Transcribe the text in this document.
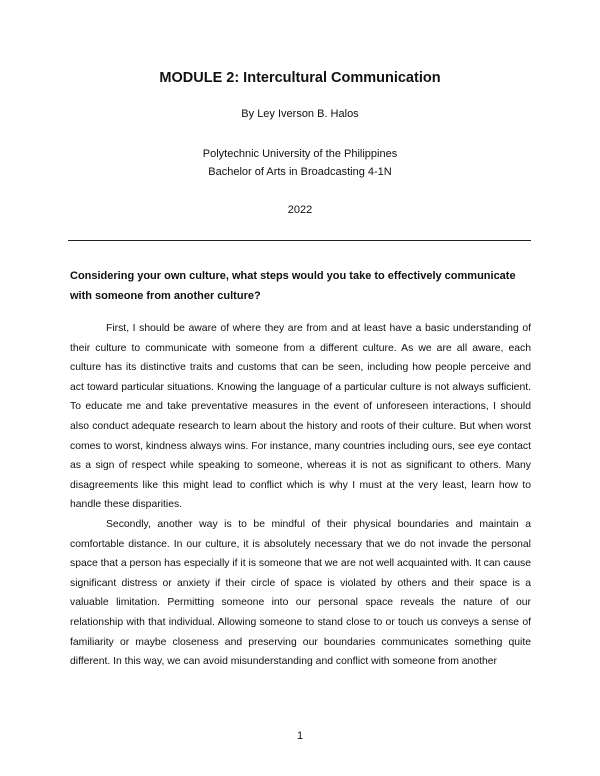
MODULE 2: Intercultural Communication
By Ley Iverson B. Halos
Polytechnic University of the Philippines
Bachelor of Arts in Broadcasting 4-1N
2022
Considering your own culture, what steps would you take to effectively communicate with someone from another culture?

First, I should be aware of where they are from and at least have a basic understanding of their culture to communicate with someone from a different culture. As we are all aware, each culture has its distinctive traits and customs that can be seen, including how people perceive and act toward particular situations. Knowing the language of a particular culture is not always sufficient. To educate me and take preventative measures in the event of unforeseen interactions, I should also conduct adequate research to learn about the history and roots of their culture. But when worst comes to worst, kindness always wins. For instance, many countries including ours, see eye contact as a sign of respect while speaking to someone, whereas it is not as significant to others. Many disagreements like this might lead to conflict which is why I must at the very least, learn how to handle these disparities.

Secondly, another way is to be mindful of their physical boundaries and maintain a comfortable distance. In our culture, it is absolutely necessary that we do not invade the personal space that a person has especially if it is someone that we are not well acquainted with. It can cause significant distress or anxiety if their circle of space is violated by others and their space is a valuable limitation. Permitting someone into our personal space reveals the nature of our relationship with that individual. Allowing someone to stand close to or touch us conveys a sense of familiarity or maybe closeness and preserving our boundaries communicates something quite different. In this way, we can avoid misunderstanding and conflict with someone from another

1
